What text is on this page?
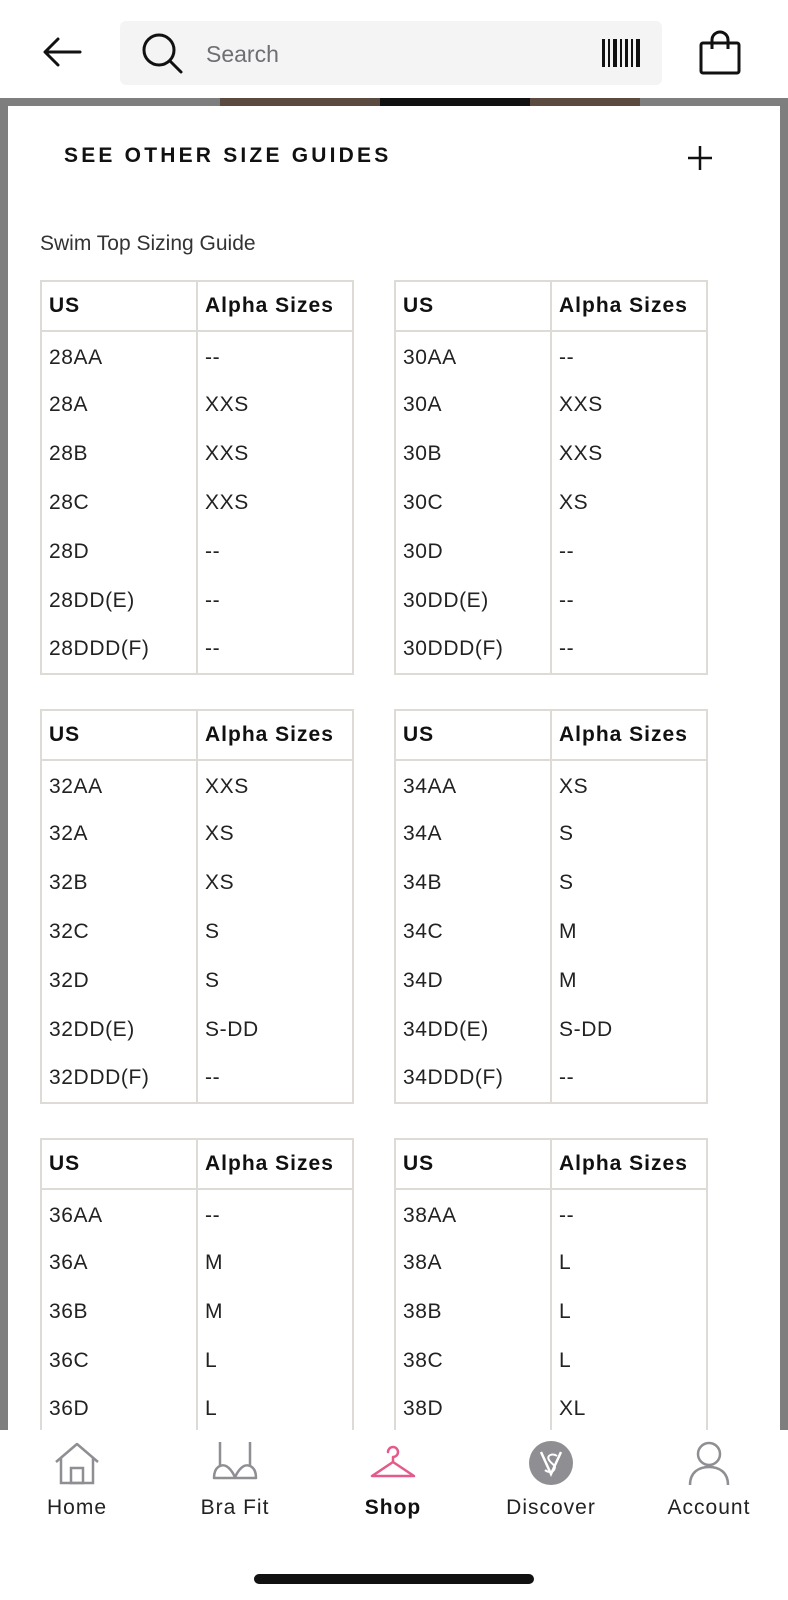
Search
SEE OTHER SIZE GUIDES
Swim Top Sizing Guide
US	Alpha Sizes
28AA	--
28A	XXS
28B	XXS
28C	XXS
28D	--
28DD(E)	--
28DDD(F)	--
US	Alpha Sizes
30AA	--
30A	XXS
30B	XXS
30C	XS
30D	--
30DD(E)	--
30DDD(F)	--
US	Alpha Sizes
32AA	XXS
32A	XS
32B	XS
32C	S
32D	S
32DD(E)	S-DD
32DDD(F)	--
US	Alpha Sizes
34AA	XS
34A	S
34B	S
34C	M
34D	M
34DD(E)	S-DD
34DDD(F)	--
US	Alpha Sizes
36AA	--
36A	M
36B	M
36C	L
36D	L
US	Alpha Sizes
38AA	--
38A	L
38B	L
38C	L
38D	XL
Home	Bra Fit	Shop	Discover	Account
